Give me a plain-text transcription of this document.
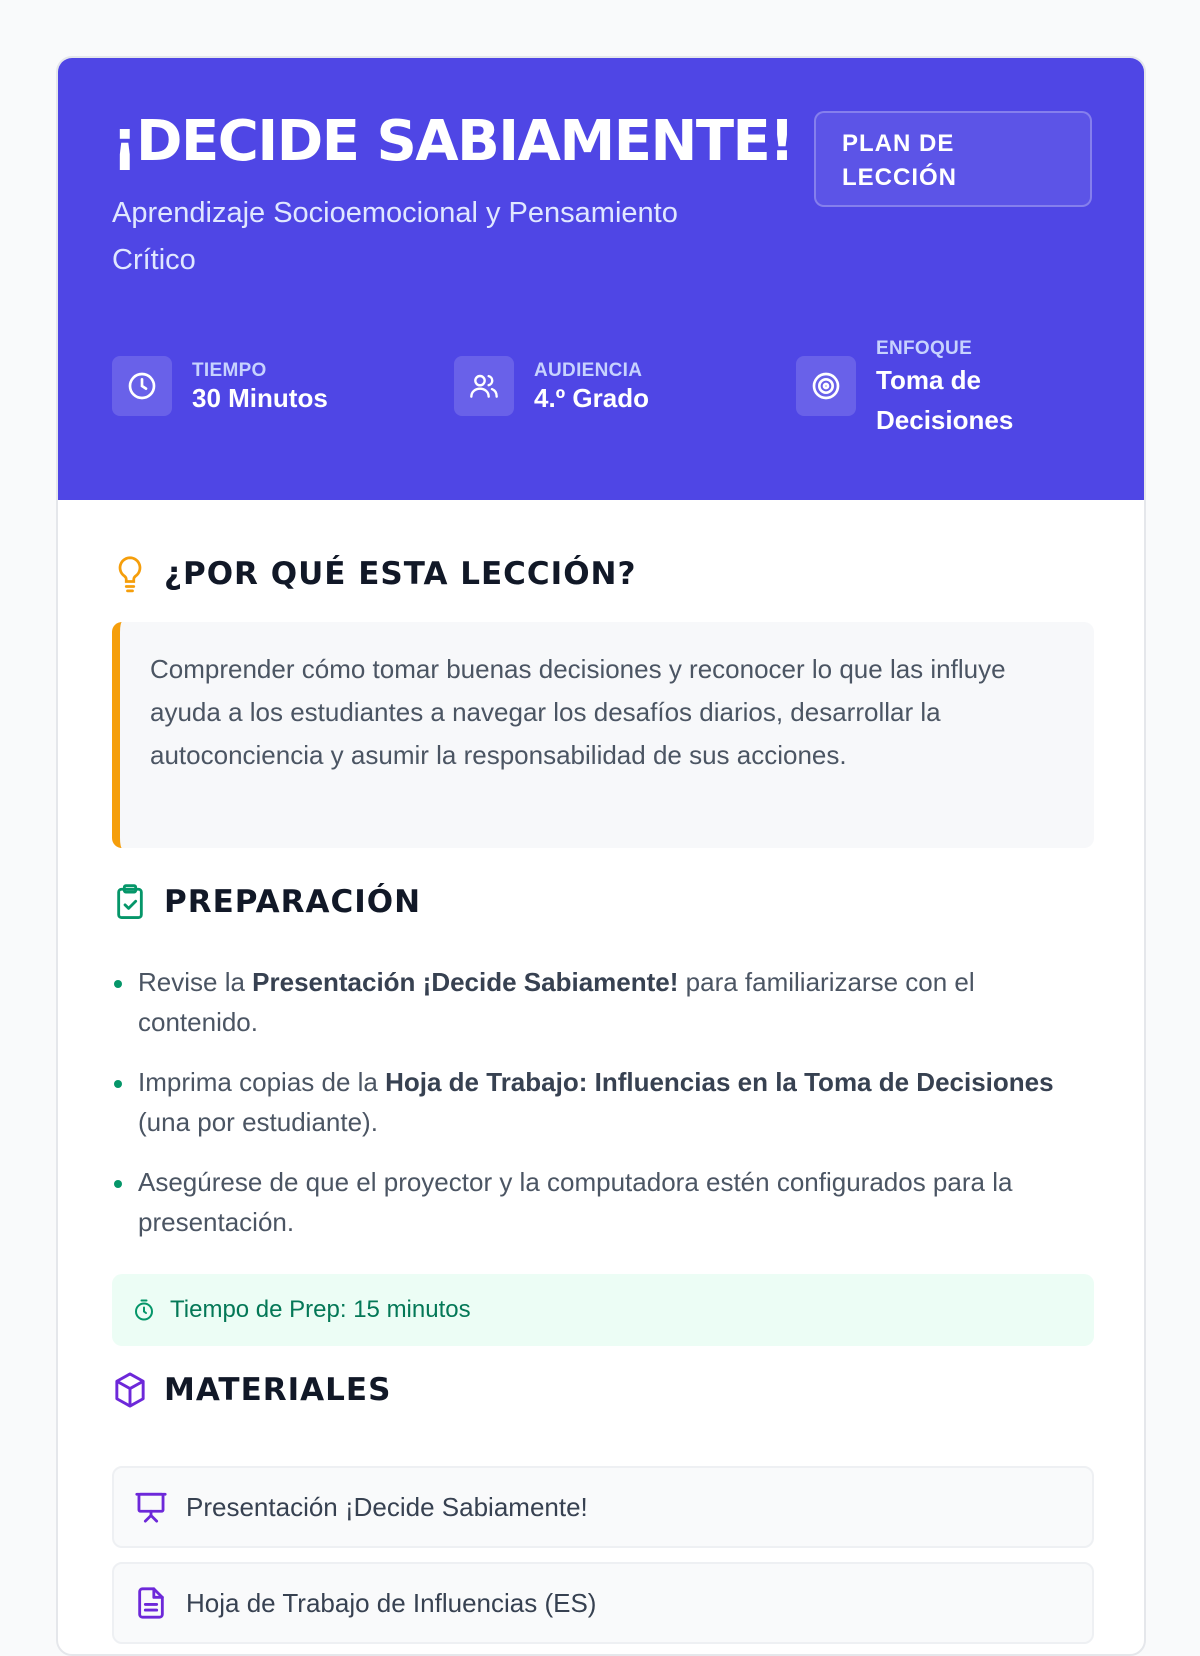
¡DECIDE SABIAMENTE!
Aprendizaje Socioemocional y Pensamiento Crítico
PLAN DE LECCIÓN
TIEMPO
30 Minutos
AUDIENCIA
4.º Grado
ENFOQUE
Toma de Decisiones
¿POR QUÉ ESTA LECCIÓN?
Comprender cómo tomar buenas decisiones y reconocer lo que las influye ayuda a los estudiantes a navegar los desafíos diarios, desarrollar la autoconciencia y asumir la responsabilidad de sus acciones.
PREPARACIÓN
Revise la Presentación ¡Decide Sabiamente! para familiarizarse con el contenido.
Imprima copias de la Hoja de Trabajo: Influencias en la Toma de Decisiones (una por estudiante).
Asegúrese de que el proyector y la computadora estén configurados para la presentación.
Tiempo de Prep: 15 minutos
MATERIALES
Presentación ¡Decide Sabiamente!
Hoja de Trabajo de Influencias (ES)
